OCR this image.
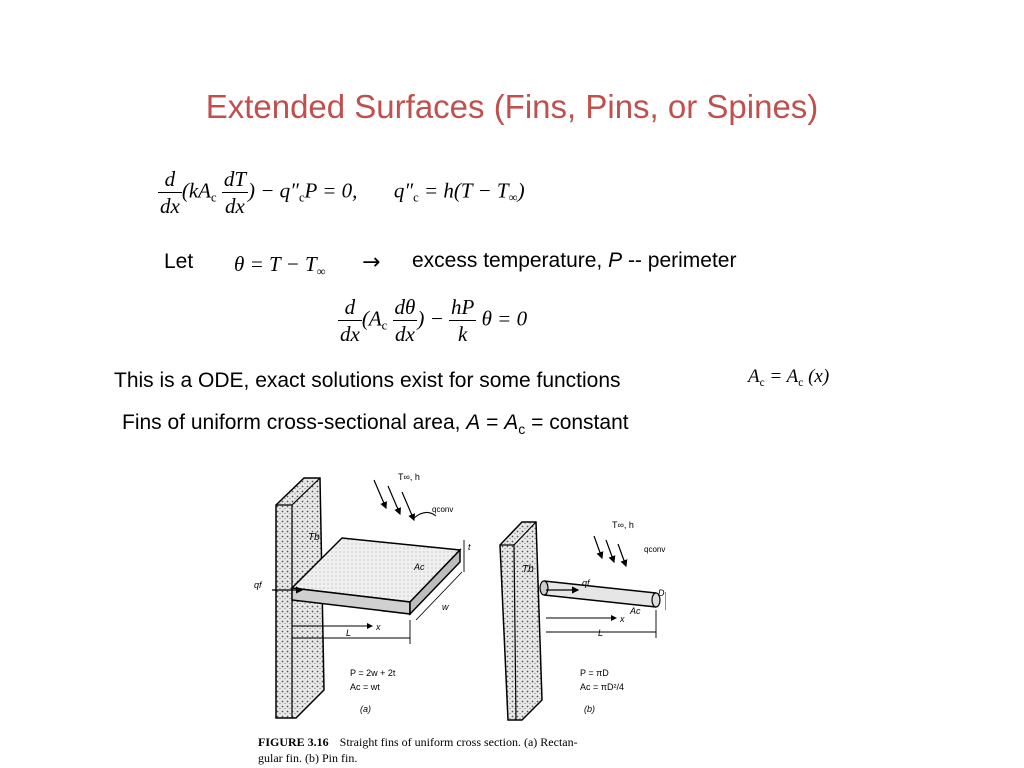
Extended Surfaces (Fins, Pins, or Spines)
$\frac{d}{dx} (kA_c \frac{dT}{dx}$ ) − $q''_cP = 0$, $q''_c = h(T - T_\infty)$
Let $\theta = T - T_\infty$ → excess temperature, P -- perimeter
$\frac{d}{dx} (A_c \frac{d\theta}{dx}$ ) − $\frac{hP}{k}$ θ = 0
This is a ODE, exact solutions exist for some functions	$A_c = A_c$ (x)
Fins of uniform cross-sectional area, $A = A_c$ = constant
T∞, h
qconv
Tb
Ac
t
w
qf
x
L
P = 2w + 2t
Ac = wt
(a)
T∞, h
qconv
Tb
qf
x
Ac
D
L
P = πD
Ac = πD²/4
(b)
FIGURE 3.16 Straight fins of uniform cross section. (a) Rectan-
gular fin. (b) Pin fin.
